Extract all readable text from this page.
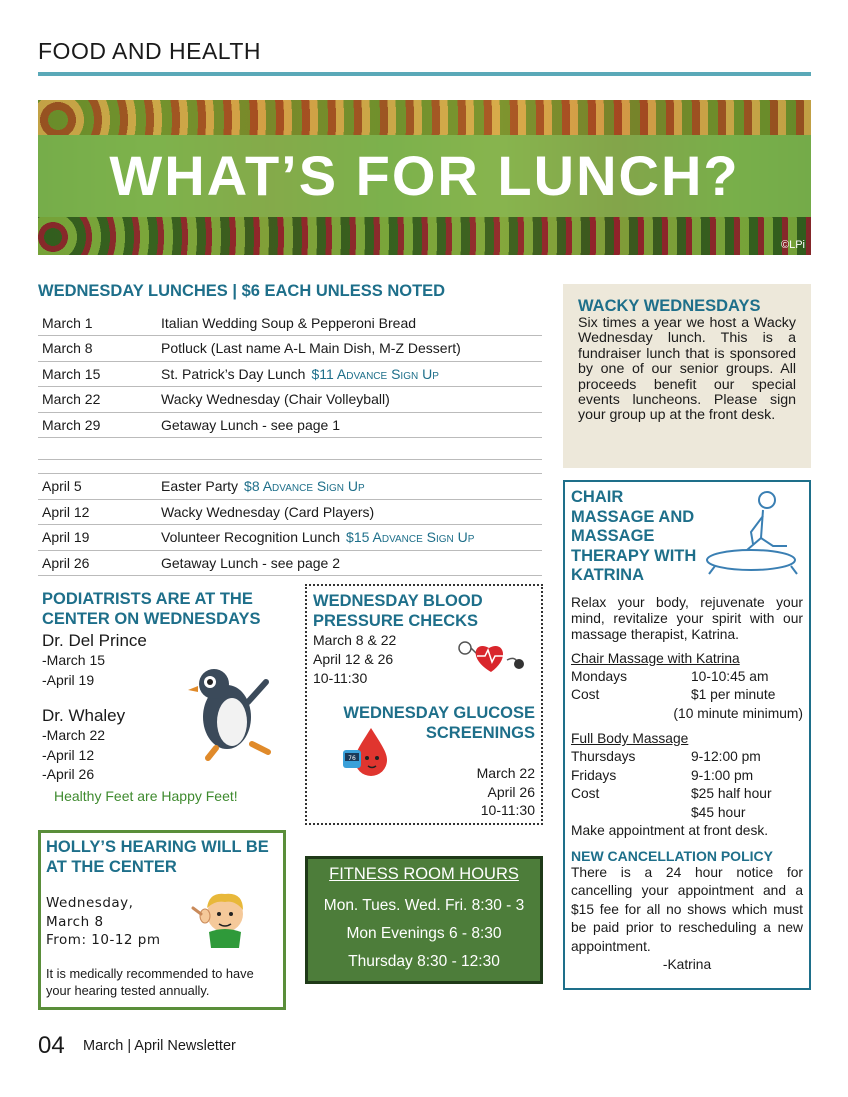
FOOD AND HEALTH
WHAT’S FOR LUNCH?
©LPi
WEDNESDAY LUNCHES | $6 EACH UNLESS NOTED
March 1	Italian Wedding Soup & Pepperoni Bread
March 8	Potluck (Last name A-L Main Dish, M-Z Dessert)
March 15	St. Patrick’s Day Lunch $11 Advance Sign Up
March 22	Wacky Wednesday (Chair Volleyball)
March 29	Getaway Lunch - see page 1

April 5	Easter Party $8 Advance Sign Up
April 12	Wacky Wednesday (Card Players)
April 19	Volunteer Recognition Lunch $15 Advance Sign Up
April 26	Getaway Lunch - see page 2
WACKY WEDNESDAYS
Six times a year we host a Wacky Wednesday lunch. This is a fundraiser lunch that is sponsored by one of our senior groups. All proceeds benefit our special events luncheons. Please sign your group up at the front desk.
CHAIR MASSAGE AND MASSAGE THERAPY WITH KATRINA
Relax your body, rejuvenate your mind, revitalize your spirit with our massage therapist, Katrina.
Chair Massage with Katrina
Mondays	10-10:45 am
Cost	$1 per minute
(10 minute minimum)
Full Body Massage
Thursdays	9-12:00 pm
Fridays	9-1:00 pm
Cost	$25 half hour
$45 hour
Make appointment at front desk.
NEW CANCELLATION POLICY
There is a 24 hour notice for cancelling your appointment and a $15 fee for all no shows which must be paid prior to rescheduling a new appointment.
-Katrina
PODIATRISTS ARE AT THE CENTER ON WEDNESDAYS
Dr. Del Prince
-March 15
-April 19
Dr. Whaley
-March 22
-April 12
-April 26
Healthy Feet are Happy Feet!
WEDNESDAY BLOOD PRESSURE CHECKS
March 8 & 22
April 12 & 26
10-11:30
WEDNESDAY GLUCOSE SCREENINGS
March 22
April 26
10-11:30
76
HOLLY’S HEARING WILL BE AT THE CENTER
Wednesday,
March 8
From: 10-12 pm
It is medically recommended to have your hearing tested annually.
FITNESS ROOM HOURS
Mon. Tues. Wed. Fri. 8:30 - 3
Mon Evenings 6 - 8:30
Thursday 8:30 - 12:30
04 March | April Newsletter
